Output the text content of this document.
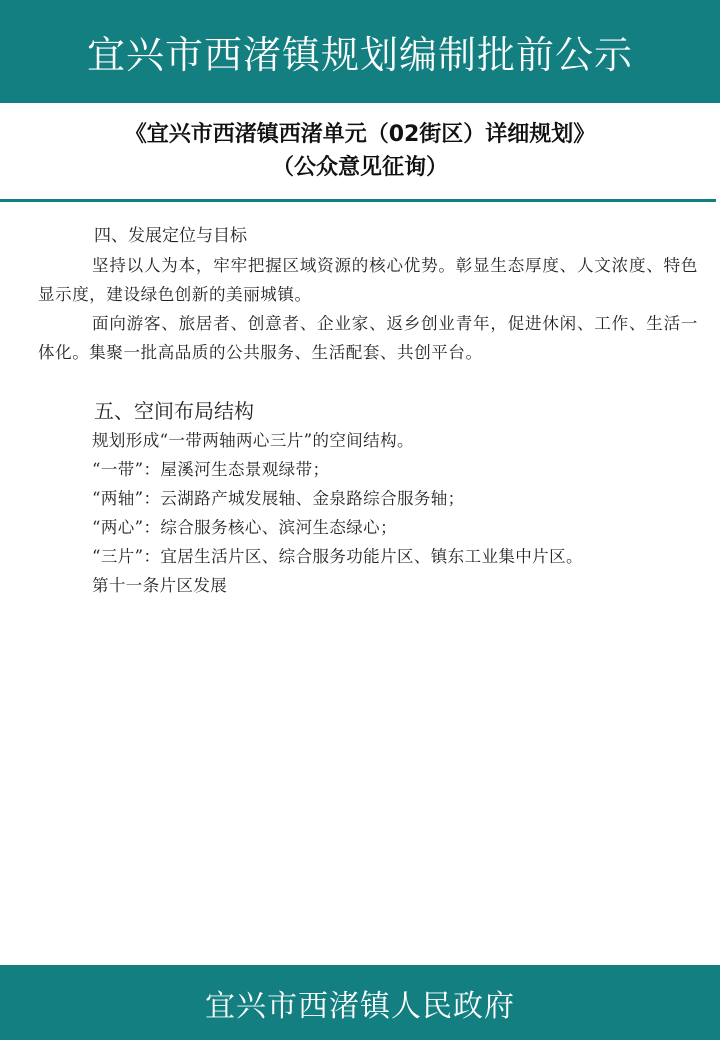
宜兴市西渚镇规划编制批前公示
《宜兴市西渚镇西渚单元（02街区）详细规划》
（公众意见征询）
四、发展定位与目标
坚持以人为本，牢牢把握区域资源的核心优势。彰显生态厚度、人文浓度、特色显示度，建设绿色创新的美丽城镇。
面向游客、旅居者、创意者、企业家、返乡创业青年，促进休闲、工作、生活一体化。集聚一批高品质的公共服务、生活配套、共创平台。
五、空间布局结构
规划形成“一带两轴两心三片”的空间结构。
“一带”：屋溪河生态景观绿带；
“两轴”：云湖路产城发展轴、金泉路综合服务轴；
“两心”：综合服务核心、滨河生态绿心；
“三片”：宜居生活片区、综合服务功能片区、镇东工业集中片区。
第十一条片区发展
宜兴市西渚镇人民政府
